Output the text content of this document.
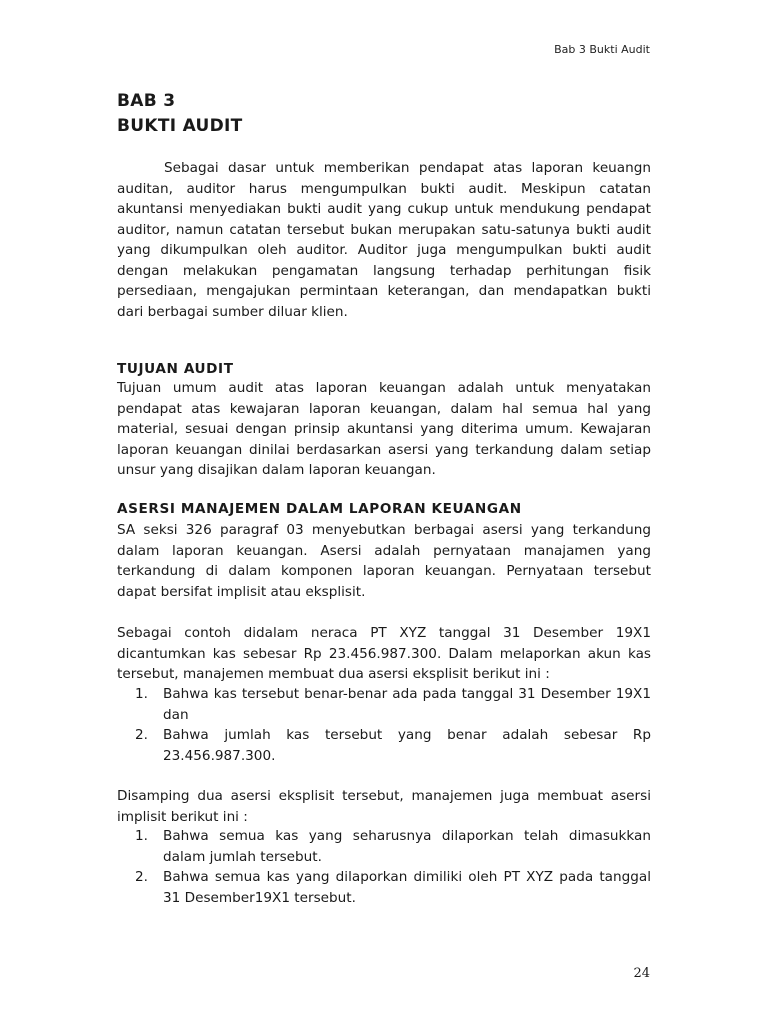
Bab 3 Bukti Audit
BAB 3
BUKTI AUDIT

Sebagai dasar untuk memberikan pendapat atas laporan keuangn auditan, auditor harus mengumpulkan bukti audit. Meskipun catatan akuntansi menyediakan bukti audit yang cukup untuk mendukung pendapat auditor, namun catatan tersebut bukan merupakan satu-satunya bukti audit yang dikumpulkan oleh auditor. Auditor juga mengumpulkan bukti audit dengan melakukan pengamatan langsung terhadap perhitungan fisik persediaan, mengajukan permintaan keterangan, dan mendapatkan bukti dari berbagai sumber diluar klien.

TUJUAN AUDIT

Tujuan umum audit atas laporan keuangan adalah untuk menyatakan pendapat atas kewajaran laporan keuangan, dalam hal semua hal yang material, sesuai dengan prinsip akuntansi yang diterima umum. Kewajaran laporan keuangan dinilai berdasarkan asersi yang terkandung dalam setiap unsur yang disajikan dalam laporan keuangan.

ASERSI MANAJEMEN DALAM LAPORAN KEUANGAN

SA seksi 326 paragraf 03 menyebutkan berbagai asersi yang terkandung dalam laporan keuangan. Asersi adalah pernyataan manajamen yang terkandung di dalam komponen laporan keuangan. Pernyataan tersebut dapat bersifat implisit atau eksplisit.

Sebagai contoh didalam neraca PT XYZ tanggal 31 Desember 19X1 dicantumkan kas sebesar Rp 23.456.987.300. Dalam melaporkan akun kas tersebut, manajemen membuat dua asersi eksplisit berikut ini :

1.	Bahwa kas tersebut benar-benar ada pada tanggal 31 Desember 19X1 dan
2.	Bahwa jumlah kas tersebut yang benar adalah sebesar Rp 23.456.987.300.

Disamping dua asersi eksplisit tersebut, manajemen juga membuat asersi implisit berikut ini :

1.	Bahwa semua kas yang seharusnya dilaporkan telah dimasukkan dalam jumlah tersebut.
2.	Bahwa semua kas yang dilaporkan dimiliki oleh PT XYZ pada tanggal 31 Desember19X1 tersebut.
24
